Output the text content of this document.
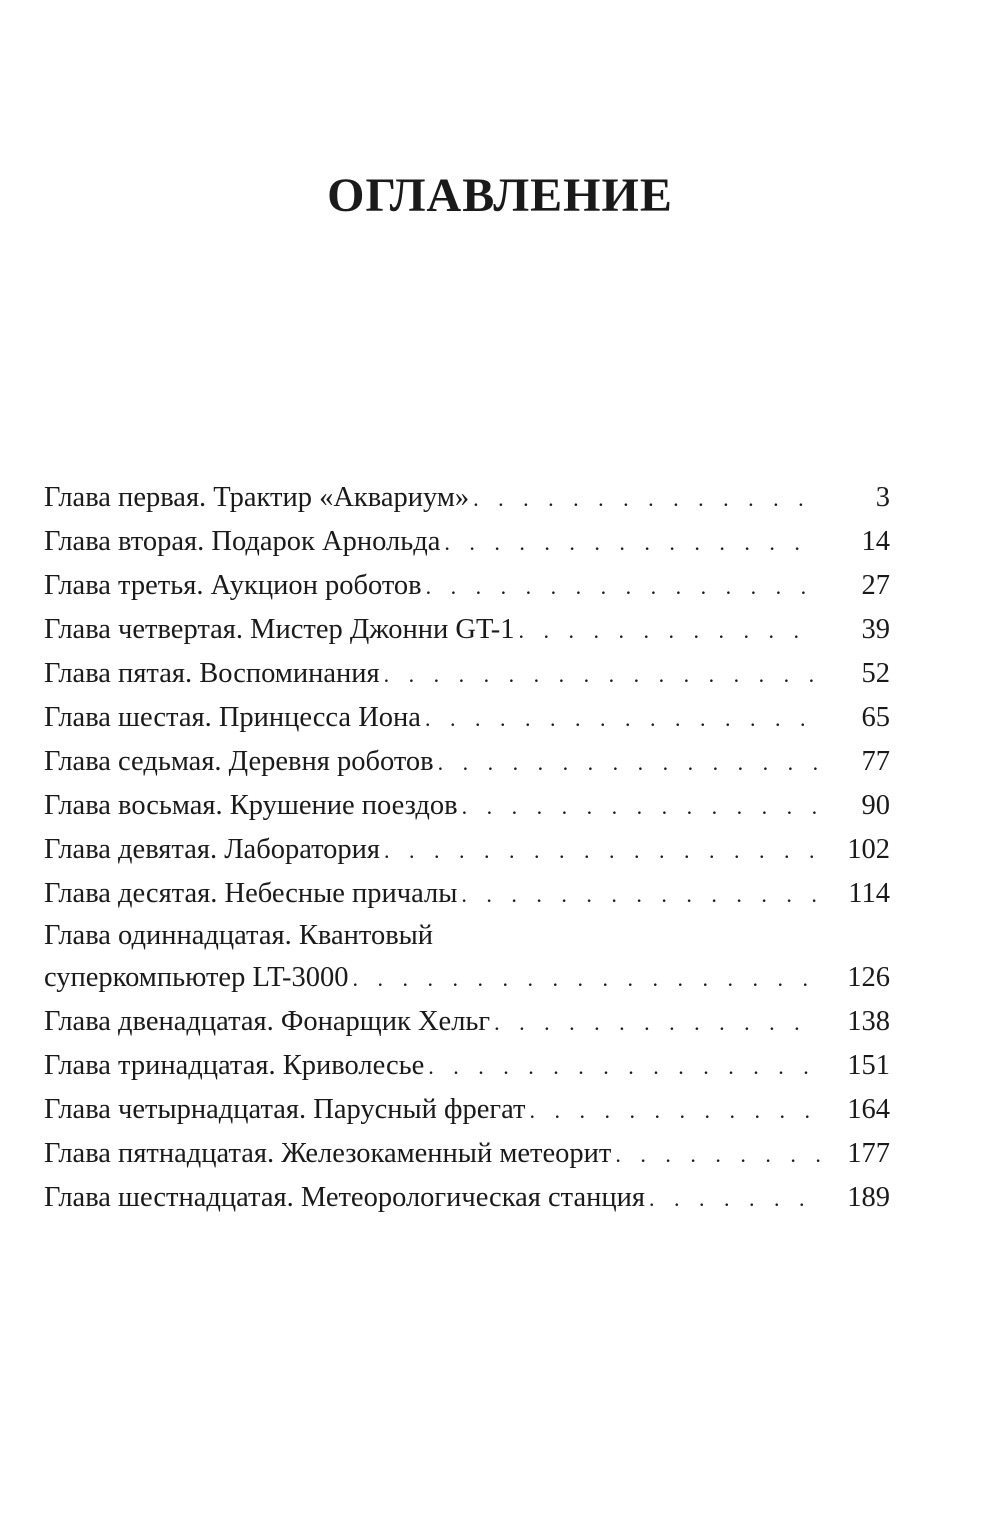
ОГЛАВЛЕНИЕ
Глава первая. Трактир «Аквариум» . . .	3
Глава вторая. Подарок Арнольда . . .	14
Глава третья. Аукцион роботов . . .	27
Глава четвертая. Мистер Джонни GT-1 . . .	39
Глава пятая. Воспоминания . . .	52
Глава шестая. Принцесса Иона . . .	65
Глава седьмая. Деревня роботов . . .	77
Глава восьмая. Крушение поездов . . .	90
Глава девятая. Лаборатория . . .	102
Глава десятая. Небесные причалы . . .	114
Глава одиннадцатая. Квантовый
суперкомпьютер LT-3000 . . .	126
Глава двенадцатая. Фонарщик Хельг . . .	138
Глава тринадцатая. Криволесье . . .	151
Глава четырнадцатая. Парусный фрегат . . .	164
Глава пятнадцатая. Железокаменный метеорит . . .	177
Глава шестнадцатая. Метеорологическая станция . . .	189
